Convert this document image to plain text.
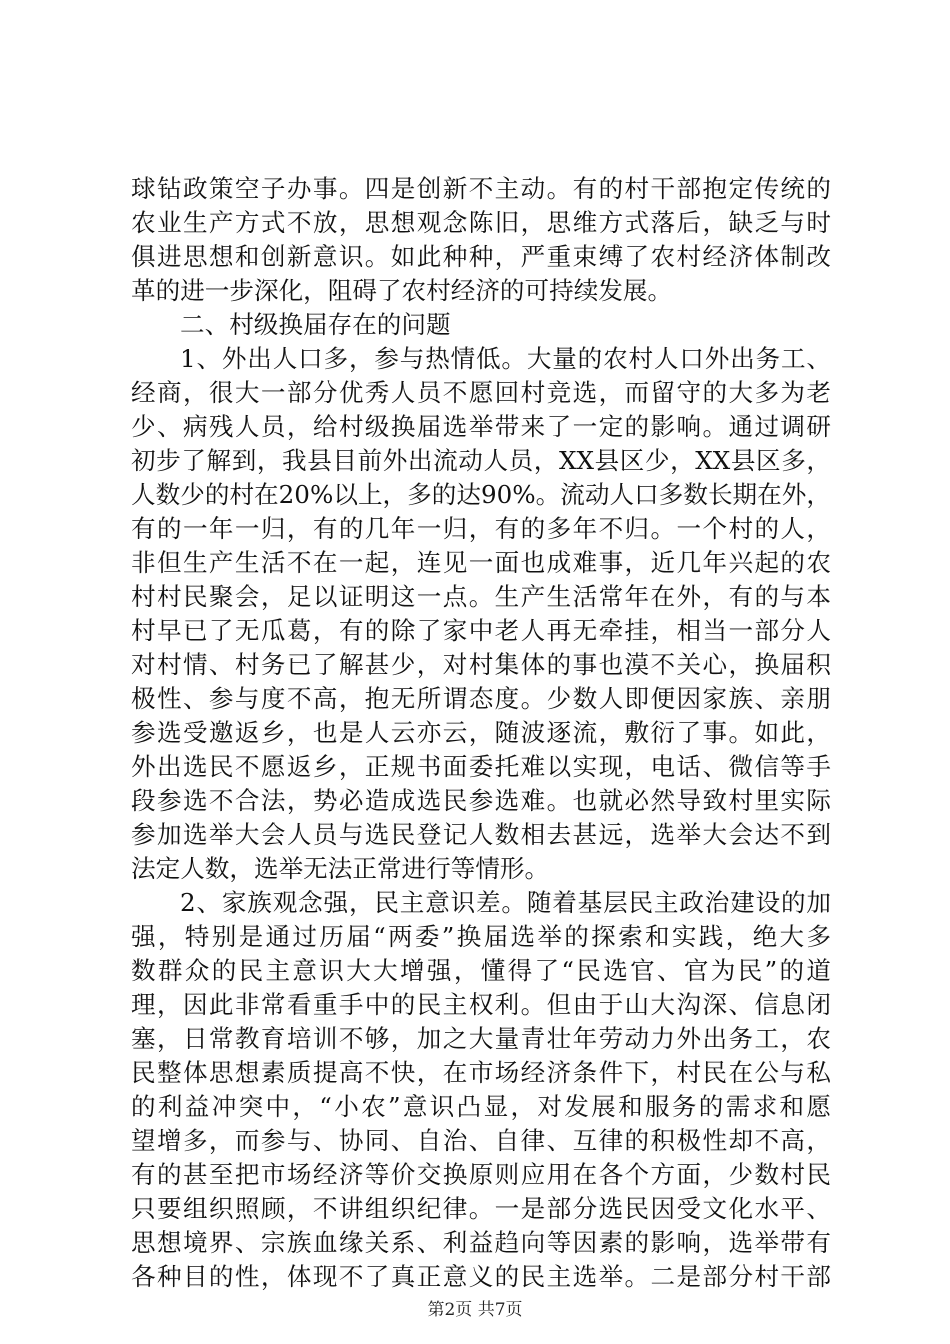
球钻政策空子办事。四是创新不主动。有的村干部抱定传统的
农业生产方式不放，思想观念陈旧，思维方式落后，缺乏与时
俱进思想和创新意识。如此种种，严重束缚了农村经济体制改
革的进一步深化，阻碍了农村经济的可持续发展。
二、村级换届存在的问题
1、外出人口多，参与热情低。大量的农村人口外出务工、
经商，很大一部分优秀人员不愿回村竞选，而留守的大多为老
少、病残人员，给村级换届选举带来了一定的影响。通过调研
初步了解到，我县目前外出流动人员，XX县区少，XX县区多，
人数少的村在20%以上，多的达90%。流动人口多数长期在外，
有的一年一归，有的几年一归，有的多年不归。一个村的人，
非但生产生活不在一起，连见一面也成难事，近几年兴起的农
村村民聚会，足以证明这一点。生产生活常年在外，有的与本
村早已了无瓜葛，有的除了家中老人再无牵挂，相当一部分人
对村情、村务已了解甚少，对村集体的事也漠不关心，换届积
极性、参与度不高，抱无所谓态度。少数人即便因家族、亲朋
参选受邀返乡，也是人云亦云，随波逐流，敷衍了事。如此，
外出选民不愿返乡，正规书面委托难以实现，电话、微信等手
段参选不合法，势必造成选民参选难。也就必然导致村里实际
参加选举大会人员与选民登记人数相去甚远，选举大会达不到
法定人数，选举无法正常进行等情形。
2、家族观念强，民主意识差。随着基层民主政治建设的加
强，特别是通过历届“两委”换届选举的探索和实践，绝大多
数群众的民主意识大大增强，懂得了“民选官、官为民”的道
理，因此非常看重手中的民主权利。但由于山大沟深、信息闭
塞，日常教育培训不够，加之大量青壮年劳动力外出务工，农
民整体思想素质提高不快，在市场经济条件下，村民在公与私
的利益冲突中，“小农”意识凸显，对发展和服务的需求和愿
望增多，而参与、协同、自治、自律、互律的积极性却不高，
有的甚至把市场经济等价交换原则应用在各个方面，少数村民
只要组织照顾，不讲组织纪律。一是部分选民因受文化水平、
思想境界、宗族血缘关系、利益趋向等因素的影响，选举带有
各种目的性，体现不了真正意义的民主选举。二是部分村干部
第2页 共7页
